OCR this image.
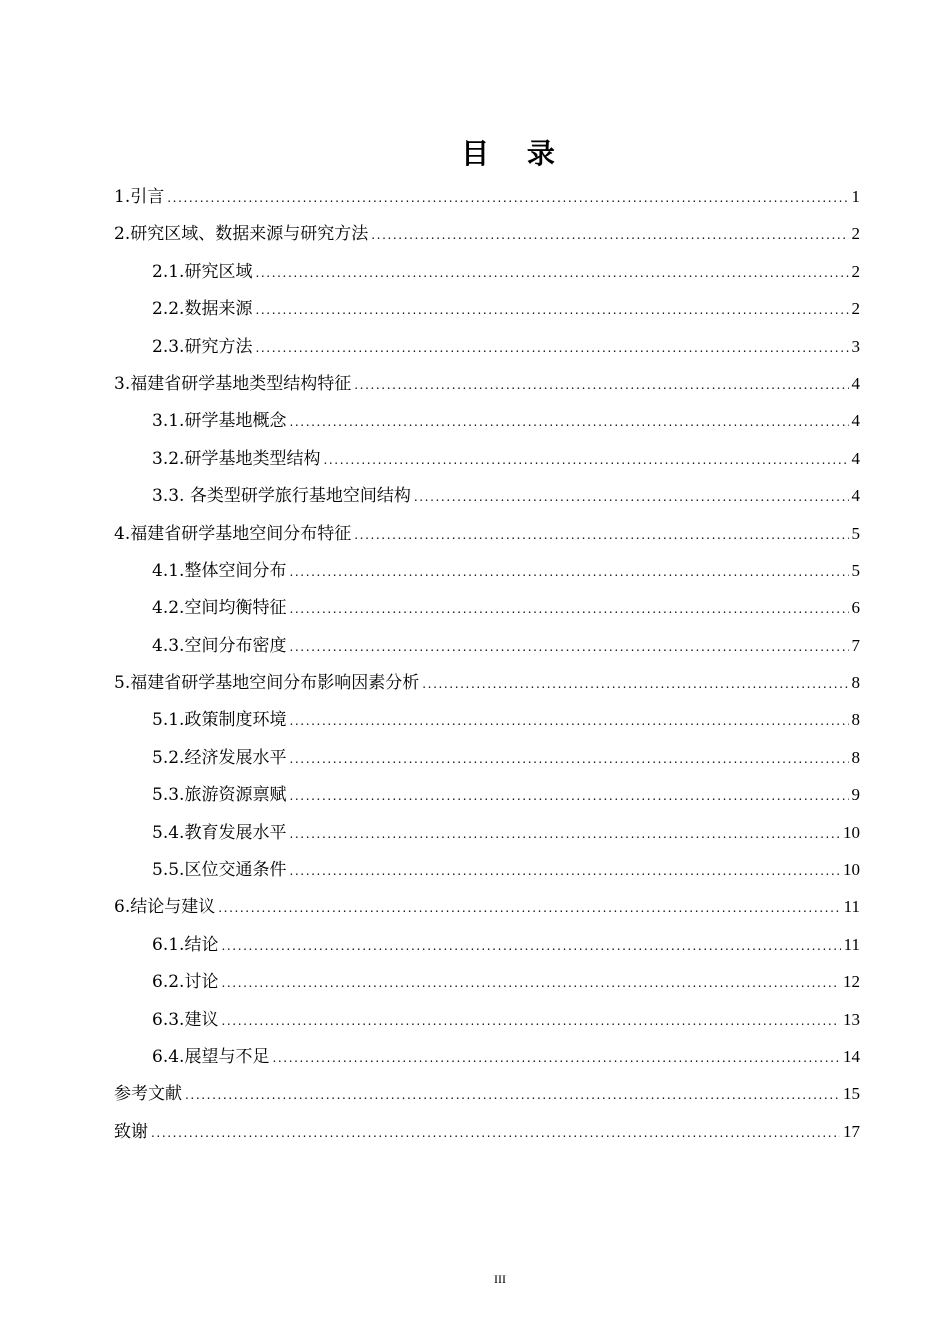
目 录
1.引言 .....	1
2.研究区域、数据来源与研究方法 .....	2
2.1.研究区域 .....	2
2.2.数据来源 .....	2
2.3.研究方法 .....	3
3.福建省研学基地类型结构特征 .....	4
3.1.研学基地概念 .....	4
3.2.研学基地类型结构 .....	4
3.3. 各类型研学旅行基地空间结构 .....	4
4.福建省研学基地空间分布特征 .....	5
4.1.整体空间分布 .....	5
4.2.空间均衡特征 .....	6
4.3.空间分布密度 .....	7
5.福建省研学基地空间分布影响因素分析 .....	8
5.1.政策制度环境 .....	8
5.2.经济发展水平 .....	8
5.3.旅游资源禀赋 .....	9
5.4.教育发展水平 .....	10
5.5.区位交通条件 .....	10
6.结论与建议 .....	11
6.1.结论 .....	11
6.2.讨论 .....	12
6.3.建议 .....	13
6.4.展望与不足 .....	14
参考文献 .....	15
致谢 .....	17
III
